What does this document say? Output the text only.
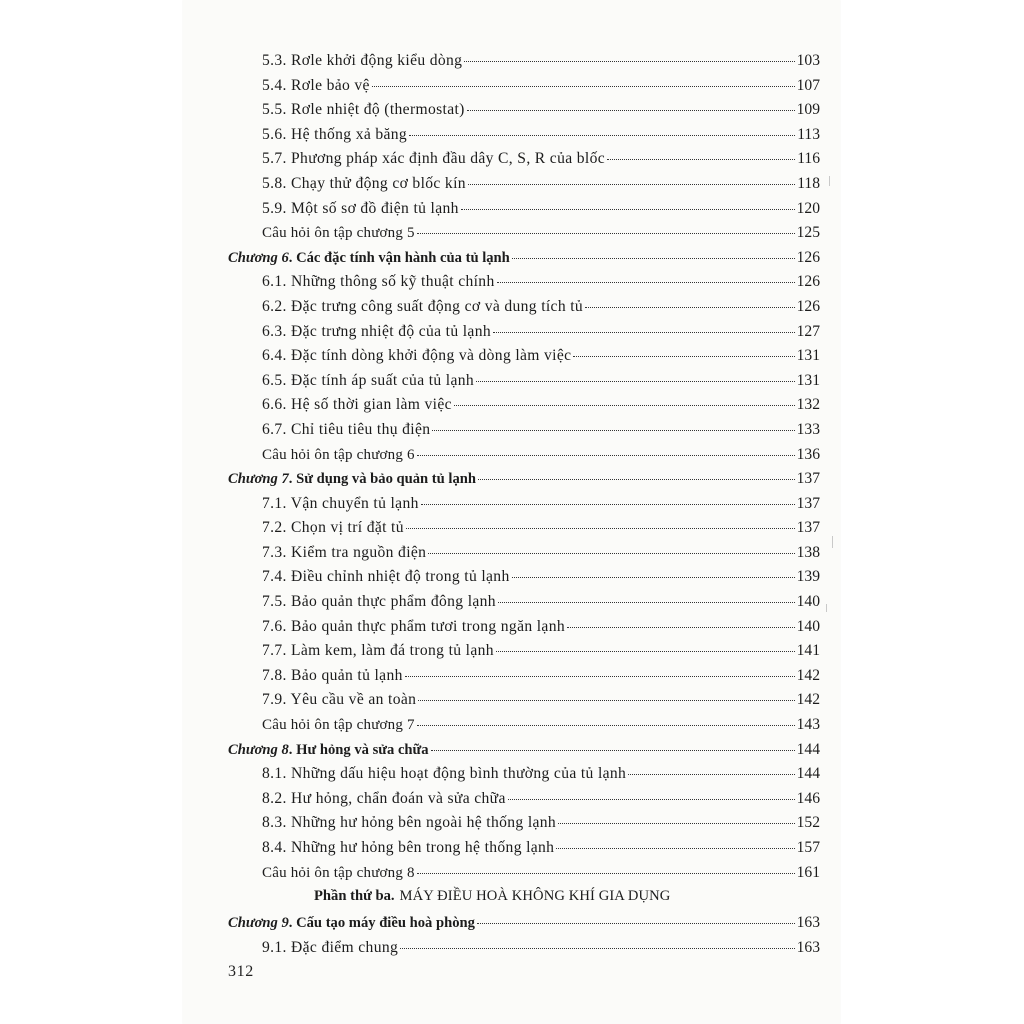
5.3. Rơle khởi động kiểu dòng	103
5.4. Rơle bảo vệ	107
5.5. Rơle nhiệt độ (thermostat)	109
5.6. Hệ thống xả băng	113
5.7. Phương pháp xác định đầu dây C, S, R của blốc	116
5.8. Chạy thử động cơ blốc kín	118
5.9. Một số sơ đồ điện tủ lạnh	120
Câu hỏi ôn tập chương 5	125
Chương 6 . Các đặc tính vận hành của tủ lạnh	126
6.1. Những thông số kỹ thuật chính	126
6.2. Đặc trưng công suất động cơ và dung tích tủ	126
6.3. Đặc trưng nhiệt độ của tủ lạnh	127
6.4. Đặc tính dòng khởi động và dòng làm việc	131
6.5. Đặc tính áp suất của tủ lạnh	131
6.6. Hệ số thời gian làm việc	132
6.7. Chỉ tiêu tiêu thụ điện	133
Câu hỏi ôn tập chương 6	136
Chương 7 . Sử dụng và bảo quản tủ lạnh	137
7.1. Vận chuyển tủ lạnh	137
7.2. Chọn vị trí đặt tủ	137
7.3. Kiểm tra nguồn điện	138
7.4. Điều chỉnh nhiệt độ trong tủ lạnh	139
7.5. Bảo quản thực phẩm đông lạnh	140
7.6. Bảo quản thực phẩm tươi trong ngăn lạnh	140
7.7. Làm kem, làm đá trong tủ lạnh	141
7.8. Bảo quản tủ lạnh	142
7.9. Yêu cầu về an toàn	142
Câu hỏi ôn tập chương 7	143
Chương 8 . Hư hỏng và sửa chữa	144
8.1. Những dấu hiệu hoạt động bình thường của tủ lạnh	144
8.2. Hư hỏng, chẩn đoán và sửa chữa	146
8.3. Những hư hỏng bên ngoài hệ thống lạnh	152
8.4. Những hư hỏng bên trong hệ thống lạnh	157
Câu hỏi ôn tập chương 8	161
Phần thứ ba. MÁY ĐIỀU HOÀ KHÔNG KHÍ GIA DỤNG
Chương 9 . Cấu tạo máy điều hoà phòng	163
9.1. Đặc điểm chung	163
312
